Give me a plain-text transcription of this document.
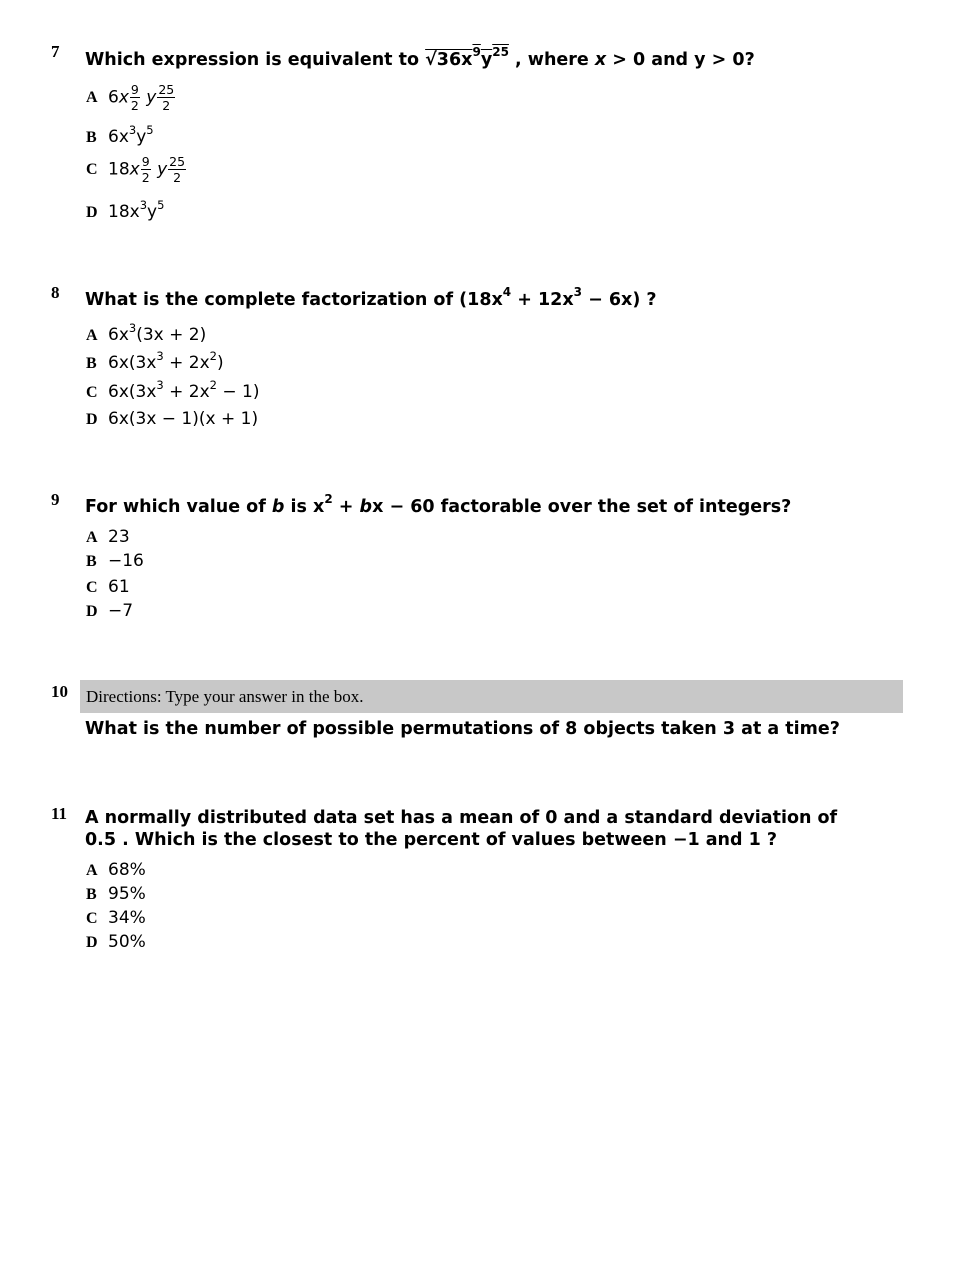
7 Which expression is equivalent to $√36x^9y^{25}$ , where x > 0 and y > 0?
A $6x \frac{9}{2}$ y $\frac{25}{2}$
B $6x^3y^5$
C $18x \frac{9}{2}$ y $\frac{25}{2}$
D $18x^3y^5$
8 What is the complete factorization of $(18x^4 + 12x^3 - 6x)$ ?
A $6x^3(3x + 2)$
B $6x(3x^3 + 2x^2)$
C $6x(3x^3 + 2x^2 - 1)$
D 6x(3x − 1)(x + 1)
9 For which value of b is $x^2$ + bx − 60 factorable over the set of integers?
A 23
B −16
C 61
D −7
10 Directions: Type your answer in the box.
What is the number of possible permutations of 8 objects taken 3 at a time?
11 A normally distributed data set has a mean of 0 and a standard deviation of
0.5 . Which is the closest to the percent of values between −1 and 1 ?
A 68%
B 95%
C 34%
D 50%
